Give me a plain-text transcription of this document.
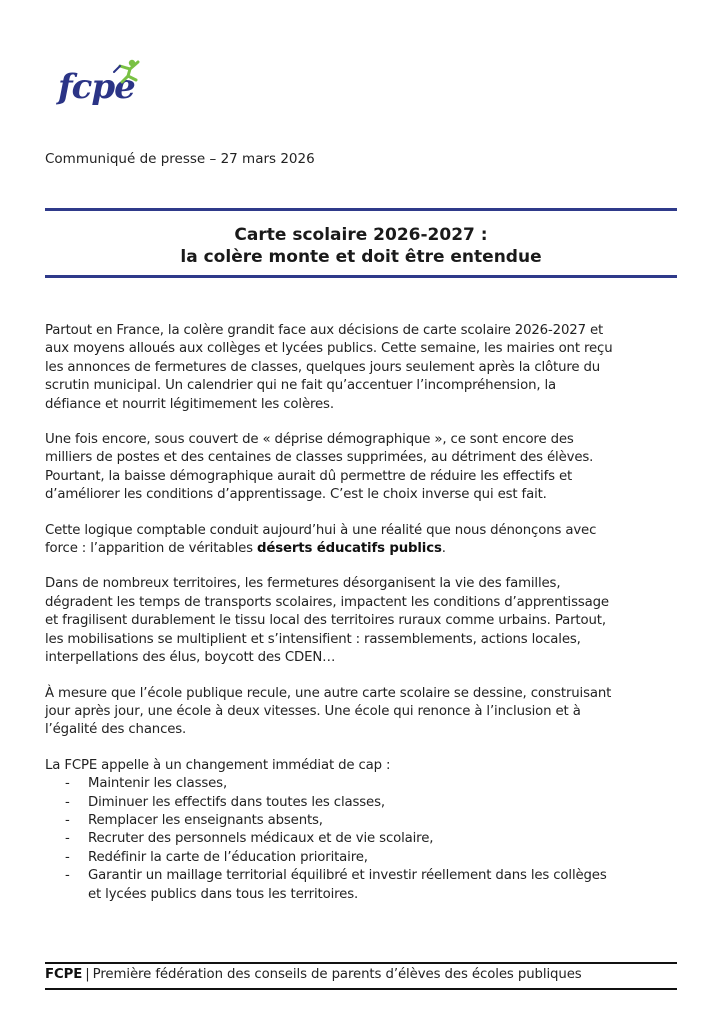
fcpe
Communiqué de presse – 27 mars 2026
Carte scolaire 2026-2027 :
la colère monte et doit être entendue

Partout en France, la colère grandit face aux décisions de carte scolaire 2026-2027 et
aux moyens alloués aux collèges et lycées publics. Cette semaine, les mairies ont reçu
les annonces de fermetures de classes, quelques jours seulement après la clôture du
scrutin municipal. Un calendrier qui ne fait qu’accentuer l’incompréhension, la
défiance et nourrit légitimement les colères.

Une fois encore, sous couvert de « déprise démographique », ce sont encore des
milliers de postes et des centaines de classes supprimées, au détriment des élèves.
Pourtant, la baisse démographique aurait dû permettre de réduire les effectifs et
d’améliorer les conditions d’apprentissage. C’est le choix inverse qui est fait.

Cette logique comptable conduit aujourd’hui à une réalité que nous dénonçons avec
force : l’apparition de véritables déserts éducatifs publics.

Dans de nombreux territoires, les fermetures désorganisent la vie des familles,
dégradent les temps de transports scolaires, impactent les conditions d’apprentissage
et fragilisent durablement le tissu local des territoires ruraux comme urbains. Partout,
les mobilisations se multiplient et s’intensifient : rassemblements, actions locales,
interpellations des élus, boycott des CDEN…

À mesure que l’école publique recule, une autre carte scolaire se dessine, construisant
jour après jour, une école à deux vitesses. Une école qui renonce à l’inclusion et à
l’égalité des chances.

La FCPE appelle à un changement immédiat de cap :

- Maintenir les classes,
- Diminuer les effectifs dans toutes les classes,
- Remplacer les enseignants absents,
- Recruter des personnels médicaux et de vie scolaire,
- Redéfinir la carte de l’éducation prioritaire,
- Garantir un maillage territorial équilibré et investir réellement dans les collèges
et lycées publics dans tous les territoires.
FCPE | Première fédération des conseils de parents d’élèves des écoles publiques
